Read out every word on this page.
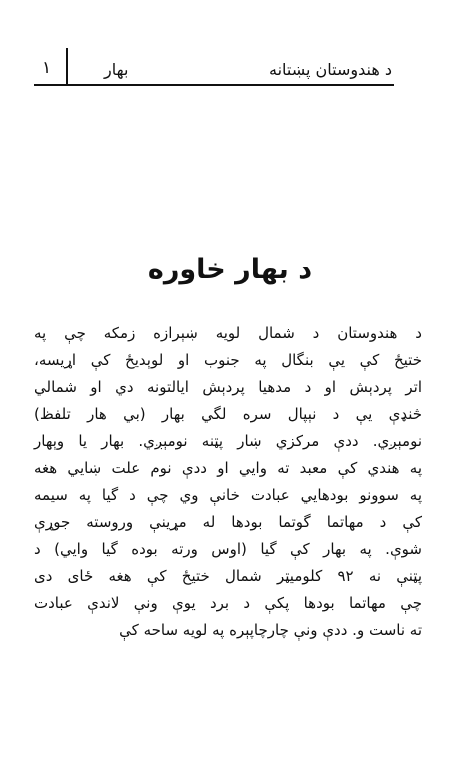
١	بهار	د هندوستان پښتانه
د بهار خاوره
د هندوستان د شمال لويه ښېرازه زمکه چې په
ختيځ کې يې بنگال په جنوب او لوېديځ کې اړيسه،
اتر پردېش او د مدهيا پردېش ايالتونه دي او شمالي
څنډې يې د نېپال سره لگي بهار (بي هار تلفظ)
نومېږي. ددې مرکزي ښار پټنه نومېږي. بهار يا وېهار
په هندي کې معبد ته وايي او ددې نوم علت ښايي هغه
په سوونو بودهايي عبادت خانې وي چې د گيا په سيمه
کې د مهاتما گوتما بودها له مړينې وروسته جوړې
شوې. په بهار کې گيا (اوس ورته بوده گيا وايي) د
پټنې نه ٩٢ کلوميټر شمال ختيځ کې هغه ځای دی
چې مهاتما بودها پکې د برد يوې ونې لاندې عبادت
ته ناست و. ددې ونې چارچاپېره په لويه ساحه کې
